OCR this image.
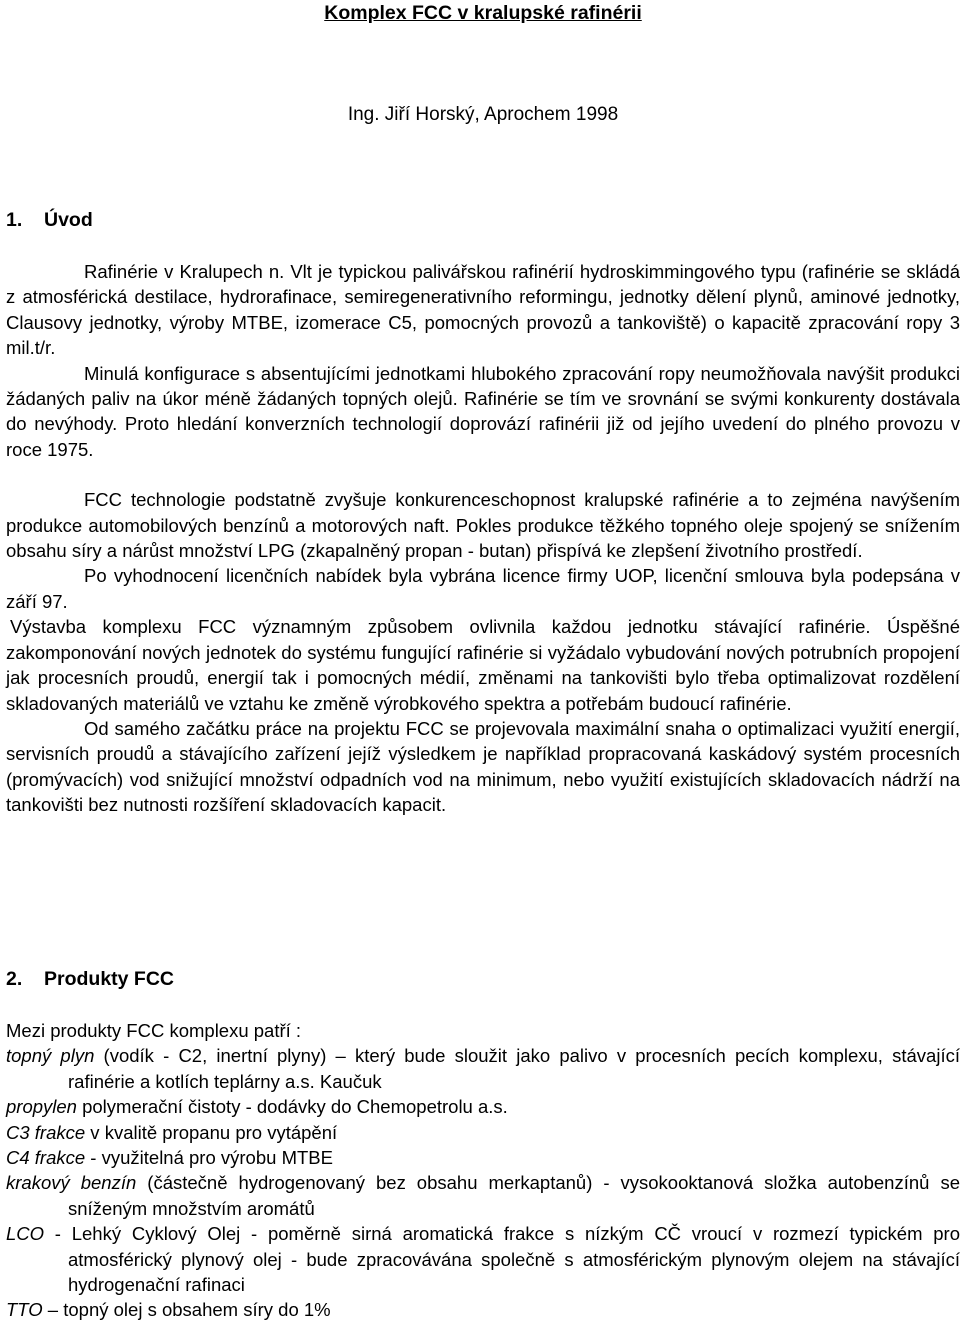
Komplex FCC v kralupské rafinérii
Ing. Jiří Horský, Aprochem 1998
1. Úvod

Rafinérie v Kralupech n. Vlt je typickou palivářskou rafinérií hydroskimmingového typu (rafinérie se skládá z atmosférická destilace, hydrorafinace, semiregenerativního reformingu, jednotky dělení plynů, aminové jednotky, Clausovy jednotky, výroby MTBE, izomerace C5, pomocných provozů a tankoviště) o kapacitě zpracování ropy 3 mil.t/r.

Minulá konfigurace s absentujícími jednotkami hlubokého zpracování ropy neumožňovala navýšit produkci žádaných paliv na úkor méně žádaných topných olejů. Rafinérie se tím ve srovnání se svými konkurenty dostávala do nevýhody. Proto hledání konverzních technologií doprovází rafinérii již od jejího uvedení do plného provozu v roce 1975.

FCC technologie podstatně zvyšuje konkurenceschopnost kralupské rafinérie a to zejména navýšením produkce automobilových benzínů a motorových naft. Pokles produkce těžkého topného oleje spojený se snížením obsahu síry a nárůst množství LPG (zkapalněný propan - butan) přispívá ke zlepšení životního prostředí.

Po vyhodnocení licenčních nabídek byla vybrána licence firmy UOP, licenční smlouva byla podepsána v září 97.

Výstavba komplexu FCC významným způsobem ovlivnila každou jednotku stávající rafinérie. Úspěšné zakomponování nových jednotek do systému fungující rafinérie si vyžádalo vybudování nových potrubních propojení jak procesních proudů, energií tak i pomocných médií, změnami na tankovišti bylo třeba optimalizovat rozdělení skladovaných materiálů ve vztahu ke změně výrobkového spektra a potřebám budoucí rafinérie.

Od samého začátku práce na projektu FCC se projevovala maximální snaha o optimalizaci využití energií, servisních proudů a stávajícího zařízení jejíž výsledkem je například propracovaná kaskádový systém procesních (promývacích) vod snižující množství odpadních vod na minimum, nebo využití existujících skladovacích nádrží na tankovišti bez nutnosti rozšíření skladovacích kapacit.

2. Produkty FCC

Mezi produkty FCC komplexu patří :

topný plyn (vodík - C2, inertní plyny) – který bude sloužit jako palivo v procesních pecích komplexu, stávající rafinérie a kotlích teplárny a.s. Kaučuk
propylen polymerační čistoty - dodávky do Chemopetrolu a.s.
C3 frakce v kvalitě propanu pro vytápění
C4 frakce - využitelná pro výrobu MTBE
krakový benzín (částečně hydrogenovaný bez obsahu merkaptanů) - vysokooktanová složka autobenzínů se sníženým množstvím aromátů
LCO - Lehký Cyklový Olej - poměrně sirná aromatická frakce s nízkým CČ vroucí v rozmezí typickém pro atmosférický plynový olej - bude zpracovávána společně s atmosférickým plynovým olejem na stávající hydrogenační rafinaci
TTO – topný olej s obsahem síry do 1%
